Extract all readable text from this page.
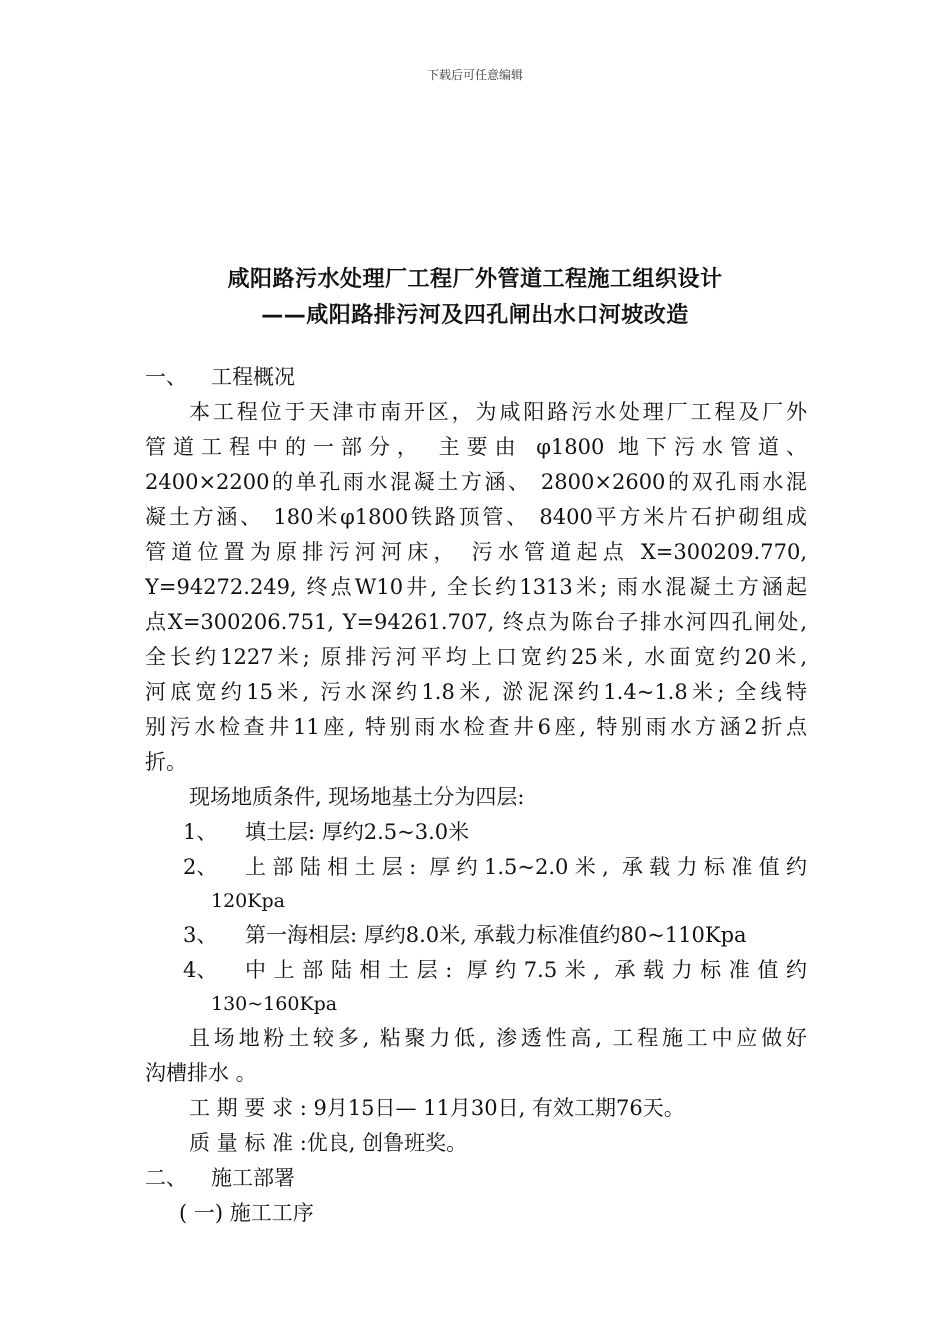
下载后可任意编辑
咸阳路污水处理厂工程厂外管道工程施工组织设计
——咸阳路排污河及四孔闸出水口河坡改造
一、	工程概况
本工程位于天津市南开区，为咸阳路污水处理厂工程及厂外
管道工程中的一部分， 主要由 φ1800 地下污水管道、
2400×2200的单孔雨水混凝土方涵、 2800×2600的双孔雨水混
凝土方涵、 180米φ1800铁路顶管、 8400平方米片石护砌组成
管道位置为原排污河河床， 污水管道起点 X=300209.770,
Y=94272.249, 终点W10井, 全长约1313米; 雨水混凝土方涵起
点X=300206.751, Y=94261.707, 终点为陈台子排水河四孔闸处,
全长约1227米; 原排污河平均上口宽约25米, 水面宽约20米,
河底宽约15米, 污水深约1.8米, 淤泥深约1.4~1.8米; 全线特
别污水检查井11座, 特别雨水检查井6座, 特别雨水方涵2折点
折。
现场地质条件, 现场地基土分为四层:
1、	填土层: 厚约2.5~3.0米
2、	上部陆相土层: 厚约1.5~2.0米, 承载力标准值约
120Kpa
3、	第一海相层: 厚约8.0米, 承载力标准值约80~110Kpa
4、	中上部陆相土层: 厚约7.5米, 承载力标准值约
130~160Kpa
且场地粉土较多, 粘聚力低, 渗透性高, 工程施工中应做好
沟槽排水 。
工 期 要 求 : 9月15日— 11月30日, 有效工期76天。
质 量 标 准 :优良, 创鲁班奖。
二、	施工部署
( 一) 施工工序
